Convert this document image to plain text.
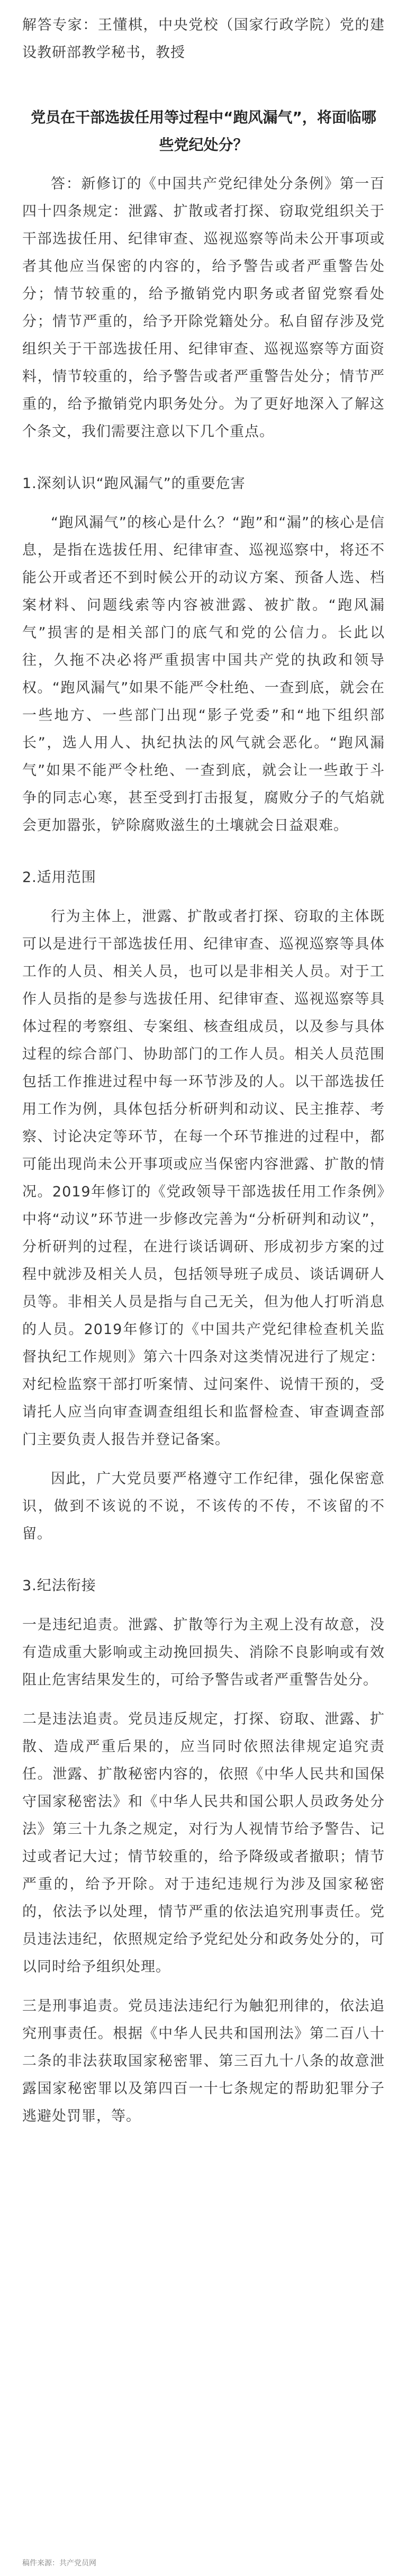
解答专家：王懂棋，中央党校（国家行政学院）党的建设教研部教学秘书，教授

党员在干部选拔任用等过程中“跑风漏气”，将面临哪些党纪处分？

答：新修订的《中国共产党纪律处分条例》第一百四十四条规定：泄露、扩散或者打探、窃取党组织关于干部选拔任用、纪律审查、巡视巡察等尚未公开事项或者其他应当保密的内容的，给予警告或者严重警告处分；情节较重的，给予撤销党内职务或者留党察看处分；情节严重的，给予开除党籍处分。私自留存涉及党组织关于干部选拔任用、纪律审查、巡视巡察等方面资料，情节较重的，给予警告或者严重警告处分；情节严重的，给予撤销党内职务处分。为了更好地深入了解这个条文，我们需要注意以下几个重点。

1.深刻认识“跑风漏气”的重要危害

“跑风漏气”的核心是什么？“跑”和“漏”的核心是信息，是指在选拔任用、纪律审查、巡视巡察中，将还不能公开或者还不到时候公开的动议方案、预备人选、档案材料、问题线索等内容被泄露、被扩散。“跑风漏气”损害的是相关部门的底气和党的公信力。长此以往，久拖不决必将严重损害中国共产党的执政和领导权。“跑风漏气”如果不能严令杜绝、一查到底，就会在一些地方、一些部门出现“影子党委”和“地下组织部长”，选人用人、执纪执法的风气就会恶化。“跑风漏气”如果不能严令杜绝、一查到底，就会让一些敢于斗争的同志心寒，甚至受到打击报复，腐败分子的气焰就会更加嚣张，铲除腐败滋生的土壤就会日益艰难。

2.适用范围

行为主体上，泄露、扩散或者打探、窃取的主体既可以是进行干部选拔任用、纪律审查、巡视巡察等具体工作的人员、相关人员，也可以是非相关人员。对于工作人员指的是参与选拔任用、纪律审查、巡视巡察等具体过程的考察组、专案组、核查组成员，以及参与具体过程的综合部门、协助部门的工作人员。相关人员范围包括工作推进过程中每一环节涉及的人。以干部选拔任用工作为例，具体包括分析研判和动议、民主推荐、考察、讨论决定等环节，在每一个环节推进的过程中，都可能出现尚未公开事项或应当保密内容泄露、扩散的情况。2019年修订的《党政领导干部选拔任用工作条例》中将“动议”环节进一步修改完善为“分析研判和动议”，分析研判的过程，在进行谈话调研、形成初步方案的过程中就涉及相关人员，包括领导班子成员、谈话调研人员等。非相关人员是指与自己无关，但为他人打听消息的人员。2019年修订的《中国共产党纪律检查机关监督执纪工作规则》第六十四条对这类情况进行了规定：对纪检监察干部打听案情、过问案件、说情干预的，受请托人应当向审查调查组组长和监督检查、审查调查部门主要负责人报告并登记备案。

因此，广大党员要严格遵守工作纪律，强化保密意识，做到不该说的不说，不该传的不传，不该留的不留。

3.纪法衔接

一是违纪追责。泄露、扩散等行为主观上没有故意，没有造成重大影响或主动挽回损失、消除不良影响或有效阻止危害结果发生的，可给予警告或者严重警告处分。

二是违法追责。党员违反规定，打探、窃取、泄露、扩散、造成严重后果的，应当同时依照法律规定追究责任。泄露、扩散秘密内容的，依照《中华人民共和国保守国家秘密法》和《中华人民共和国公职人员政务处分法》第三十九条之规定，对行为人视情节给予警告、记过或者记大过；情节较重的，给予降级或者撤职；情节严重的，给予开除。对于违纪违规行为涉及国家秘密的，依法予以处理，情节严重的依法追究刑事责任。党员违法违纪，依照规定给予党纪处分和政务处分的，可以同时给予组织处理。

三是刑事追责。党员违法违纪行为触犯刑律的，依法追究刑事责任。根据《中华人民共和国刑法》第二百八十二条的非法获取国家秘密罪、第三百九十八条的故意泄露国家秘密罪以及第四百一十七条规定的帮助犯罪分子逃避处罚罪，等。

稿件来源：共产党员网
